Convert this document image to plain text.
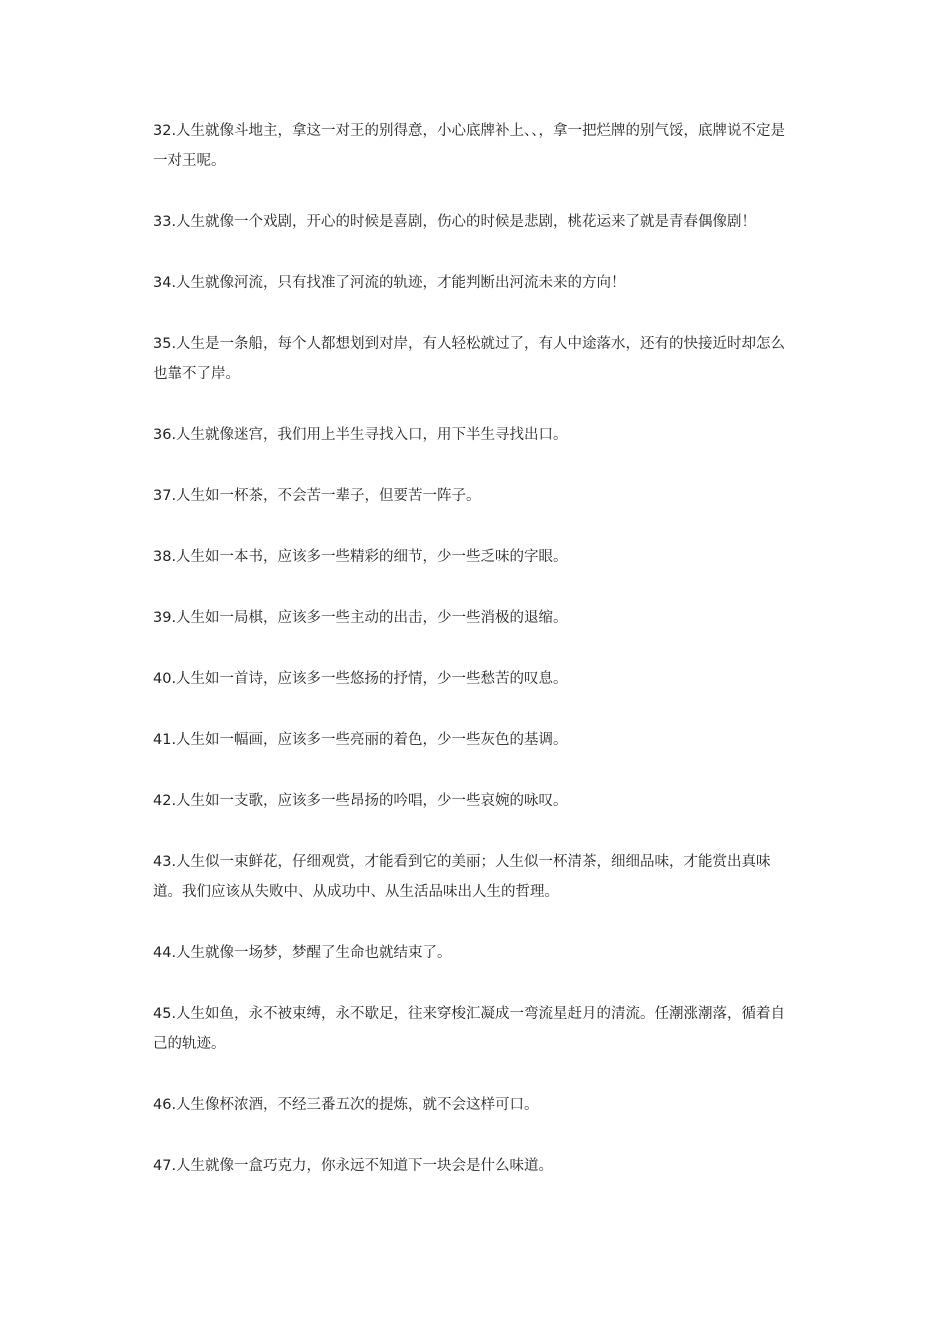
32.人生就像斗地主，拿这一对王的别得意，小心底牌补上、、，拿一把烂牌的别气馁，底牌说不定是一对王呢。

33.人生就像一个戏剧，开心的时候是喜剧，伤心的时候是悲剧，桃花运来了就是青春偶像剧！

34.人生就像河流，只有找准了河流的轨迹，才能判断出河流未来的方向！

35.人生是一条船，每个人都想划到对岸，有人轻松就过了，有人中途落水，还有的快接近时却怎么也靠不了岸。

36.人生就像迷宫，我们用上半生寻找入口，用下半生寻找出口。

37.人生如一杯茶，不会苦一辈子，但要苦一阵子。

38.人生如一本书，应该多一些精彩的细节，少一些乏味的字眼。

39.人生如一局棋，应该多一些主动的出击，少一些消极的退缩。

40.人生如一首诗，应该多一些悠扬的抒情，少一些愁苦的叹息。

41.人生如一幅画，应该多一些亮丽的着色，少一些灰色的基调。

42.人生如一支歌，应该多一些昂扬的吟唱，少一些哀婉的咏叹。

43.人生似一束鲜花，仔细观赏，才能看到它的美丽；人生似一杯清茶，细细品味，才能赏出真味道。我们应该从失败中、从成功中、从生活品味出人生的哲理。

44.人生就像一场梦，梦醒了生命也就结束了。

45.人生如鱼，永不被束缚，永不歇足，往来穿梭汇凝成一弯流星赶月的清流。任潮涨潮落，循着自己的轨迹。

46.人生像杯浓酒，不经三番五次的提炼，就不会这样可口。

47.人生就像一盒巧克力，你永远不知道下一块会是什么味道。
